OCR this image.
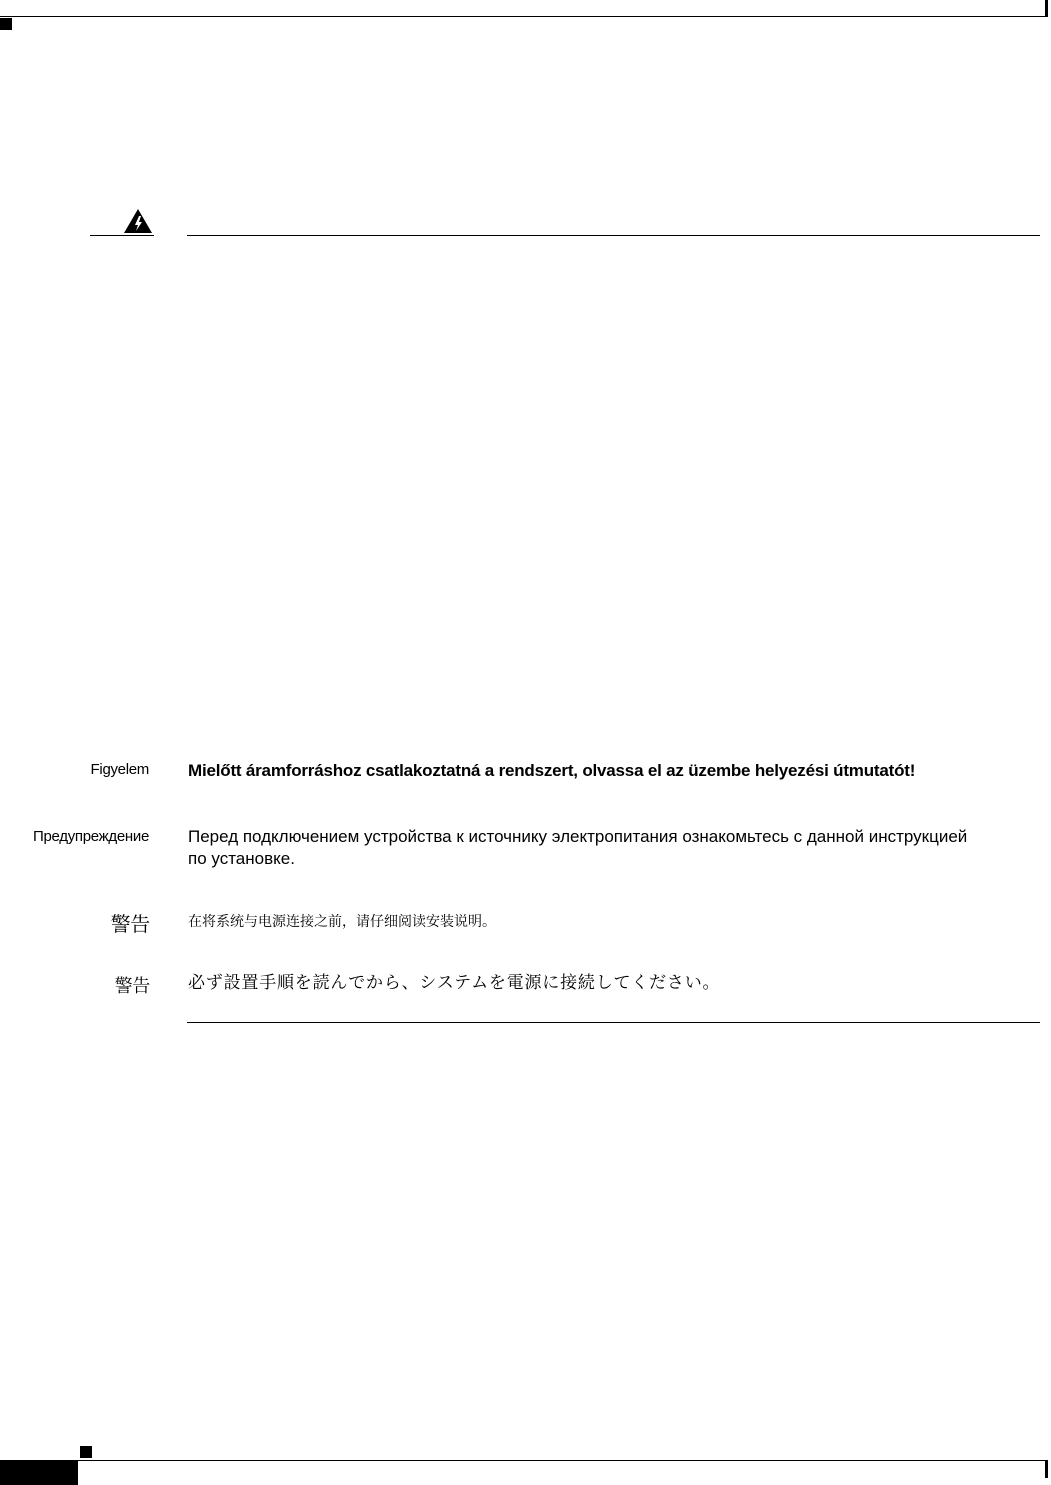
Figyelem Mielőtt áramforráshoz csatlakoztatná a rendszert, olvassa el az üzembe helyezési útmutatót!
Предупреждение Перед подключением устройства к источнику электропитания ознакомьтесь с данной инструкцией по установке.
警告	在将系统与电源连接之前，请仔细阅读安装说明。
警告 必ず設置手順を読んでから、システムを電源に接続してください。
